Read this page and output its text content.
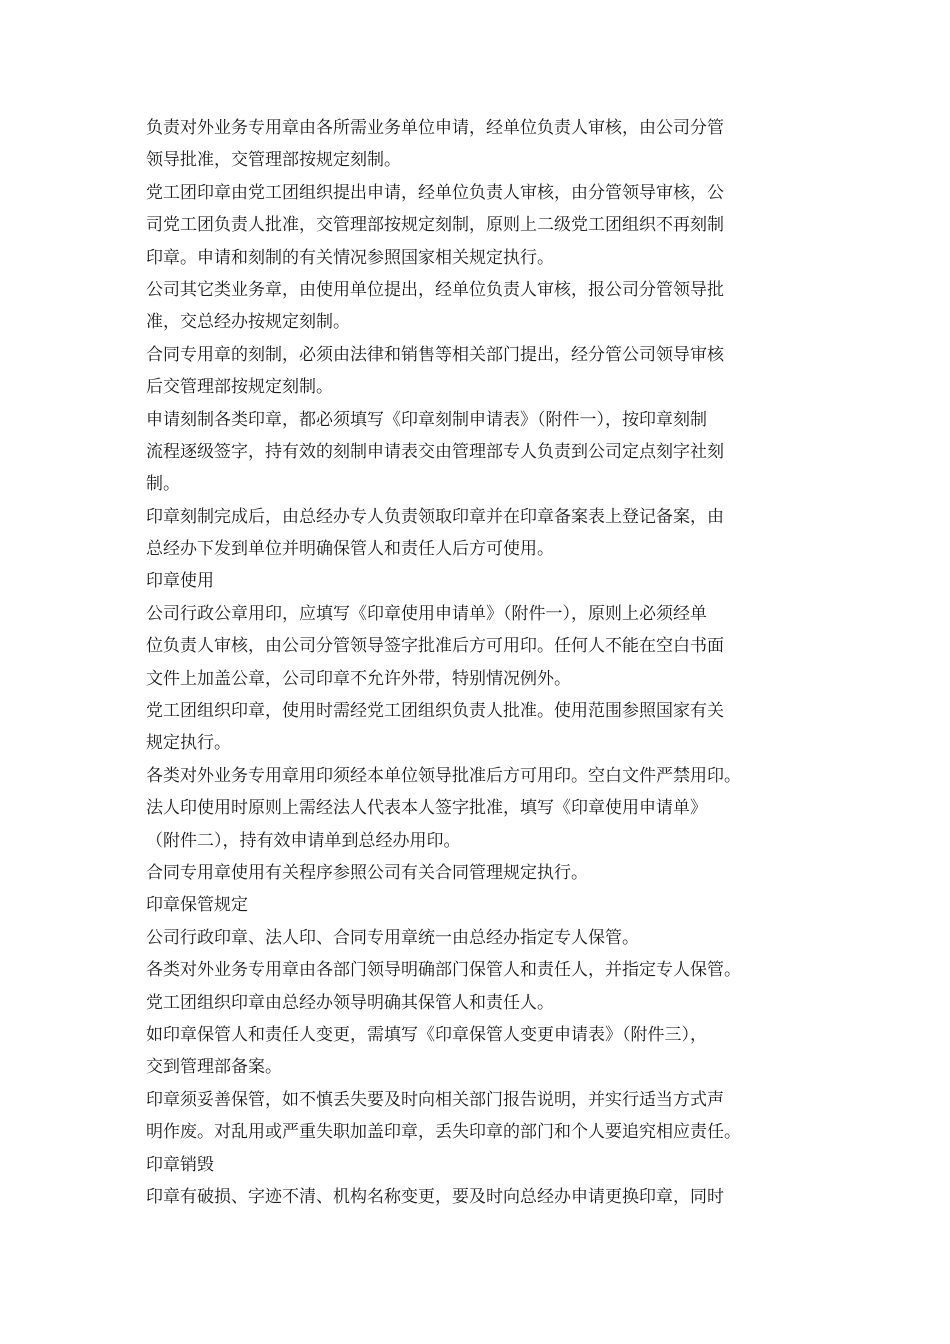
负责对外业务专用章由各所需业务单位申请，经单位负责人审核，由公司分管
领导批准，交管理部按规定刻制。
党工团印章由党工团组织提出申请，经单位负责人审核，由分管领导审核，公
司党工团负责人批准，交管理部按规定刻制，原则上二级党工团组织不再刻制
印章。申请和刻制的有关情况参照国家相关规定执行。
公司其它类业务章，由使用单位提出，经单位负责人审核，报公司分管领导批
准，交总经办按规定刻制。
合同专用章的刻制，必须由法律和销售等相关部门提出，经分管公司领导审核
后交管理部按规定刻制。
申请刻制各类印章，都必须填写《印章刻制申请表》（附件一），按印章刻制
流程逐级签字，持有效的刻制申请表交由管理部专人负责到公司定点刻字社刻
制。
印章刻制完成后，由总经办专人负责领取印章并在印章备案表上登记备案，由
总经办下发到单位并明确保管人和责任人后方可使用。
印章使用
公司行政公章用印，应填写《印章使用申请单》（附件一），原则上必须经单
位负责人审核，由公司分管领导签字批准后方可用印。任何人不能在空白书面
文件上加盖公章，公司印章不允许外带，特别情况例外。
党工团组织印章，使用时需经党工团组织负责人批准。使用范围参照国家有关
规定执行。
各类对外业务专用章用印须经本单位领导批准后方可用印。空白文件严禁用印。
法人印使用时原则上需经法人代表本人签字批准，填写《印章使用申请单》
（附件二），持有效申请单到总经办用印。
合同专用章使用有关程序参照公司有关合同管理规定执行。
印章保管规定
公司行政印章、法人印、合同专用章统一由总经办指定专人保管。
各类对外业务专用章由各部门领导明确部门保管人和责任人，并指定专人保管。
党工团组织印章由总经办领导明确其保管人和责任人。
如印章保管人和责任人变更，需填写《印章保管人变更申请表》（附件三），
交到管理部备案。
印章须妥善保管，如不慎丢失要及时向相关部门报告说明，并实行适当方式声
明作废。对乱用或严重失职加盖印章，丢失印章的部门和个人要追究相应责任。
印章销毁
印章有破损、字迹不清、机构名称变更，要及时向总经办申请更换印章，同时
